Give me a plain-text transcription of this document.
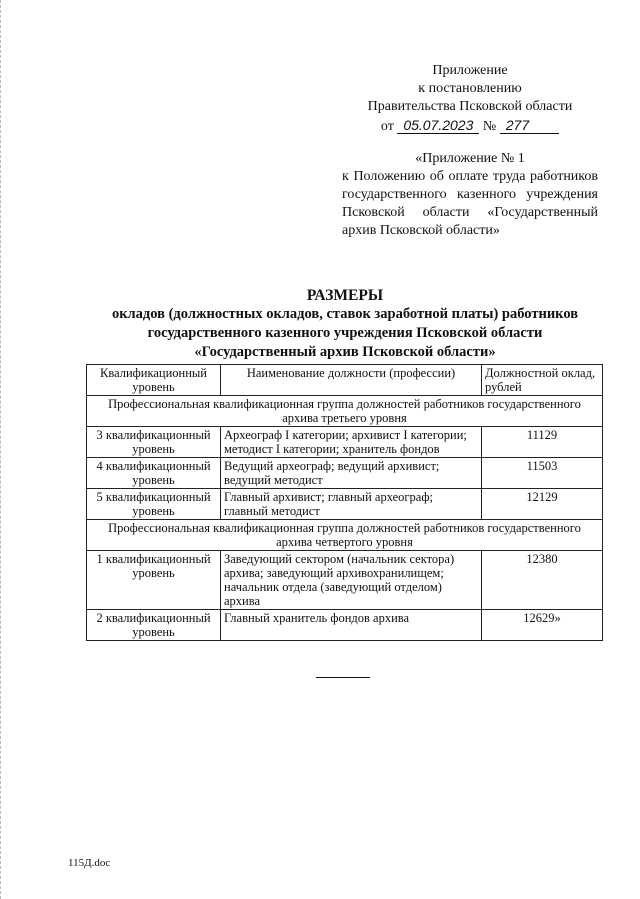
Приложение
к постановлению
Правительства Псковской области
от 05.07.2023 № 277
«Приложение № 1
к Положению об оплате труда работников государственного казенного учреждения Псковской области «Государственный архив Псковской области»
РАЗМЕРЫ
окладов (должностных окладов, ставок заработной платы) работников
государственного казенного учреждения Псковской области
«Государственный архив Псковской области»
Квалификационный уровень	Наименование должности (профессии)	Должностной оклад, рублей
Профессиональная квалификационная группа должностей работников государственного архива третьего уровня		
3 квалификационный уровень	Археограф I категории; архивист I категории; методист I категории; хранитель фондов	11129
4 квалификационный уровень	Ведущий археограф; ведущий архивист; ведущий методист	11503
5 квалификационный уровень	Главный архивист; главный археограф; главный методист	12129
Профессиональная квалификационная группа должностей работников государственного архива четвертого уровня		
1 квалификационный уровень	Заведующий сектором (начальник сектора) архива; заведующий архивохранилищем; начальник отдела (заведующий отделом) архива	12380
2 квалификационный уровень	Главный хранитель фондов архива	12629»
115Д.doc
